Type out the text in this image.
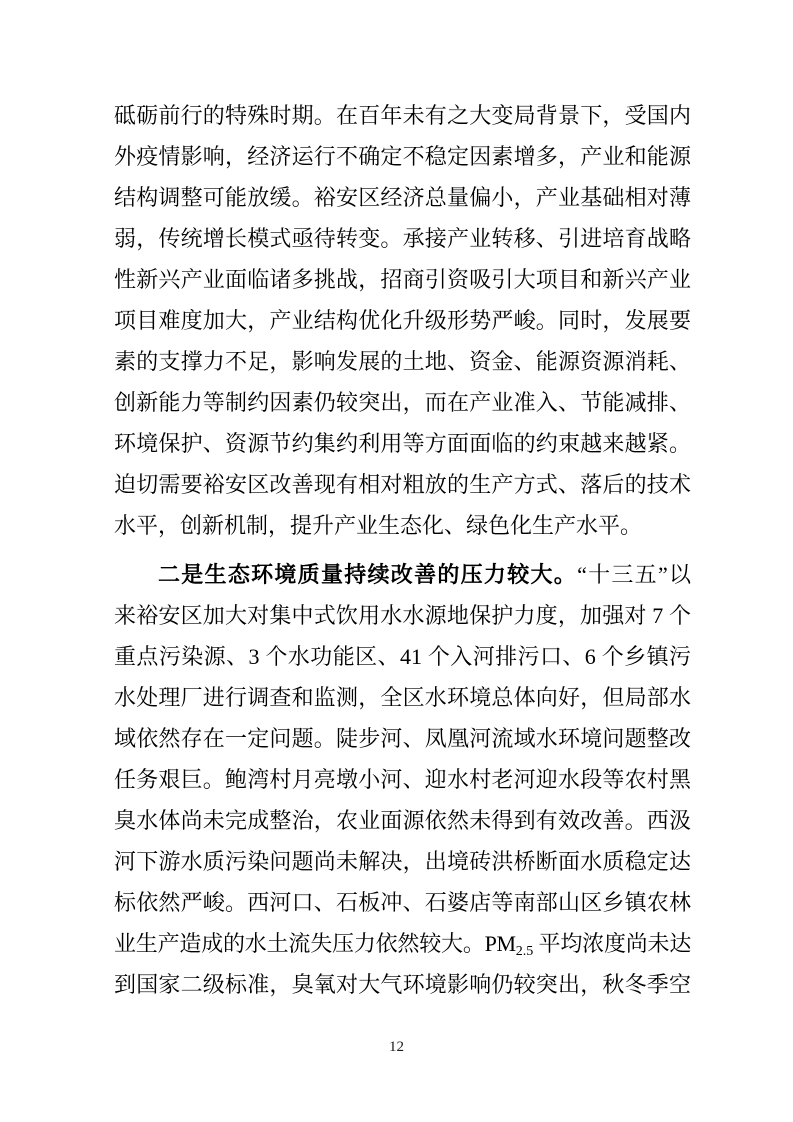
砥砺前行的特殊时期。在百年未有之大变局背景下，受国内
外疫情影响，经济运行不确定不稳定因素增多，产业和能源
结构调整可能放缓。裕安区经济总量偏小，产业基础相对薄
弱，传统增长模式亟待转变。承接产业转移、引进培育战略
性新兴产业面临诸多挑战，招商引资吸引大项目和新兴产业
项目难度加大，产业结构优化升级形势严峻。同时，发展要
素的支撑力不足，影响发展的土地、资金、能源资源消耗、
创新能力等制约因素仍较突出，而在产业准入、节能减排、
环境保护、资源节约集约利用等方面面临的约束越来越紧。
迫切需要裕安区改善现有相对粗放的生产方式、落后的技术
水平，创新机制，提升产业生态化、绿色化生产水平。
二是生态环境质量持续改善的压力较大。“十三五”以
来裕安区加大对集中式饮用水水源地保护力度，加强对 7 个
重点污染源、3 个水功能区、41 个入河排污口、6 个乡镇污
水处理厂进行调查和监测，全区水环境总体向好，但局部水
域依然存在一定问题。陡步河、凤凰河流域水环境问题整改
任务艰巨。鲍湾村月亮墩小河、迎水村老河迎水段等农村黑
臭水体尚未完成整治，农业面源依然未得到有效改善。西汲
河下游水质污染问题尚未解决，出境砖洪桥断面水质稳定达
标依然严峻。西河口、石板冲、石婆店等南部山区乡镇农林
业生产造成的水土流失压力依然较大。$PM_{2.5}$ 平均浓度尚未达
到国家二级标准，臭氧对大气环境影响仍较突出，秋冬季空
12
